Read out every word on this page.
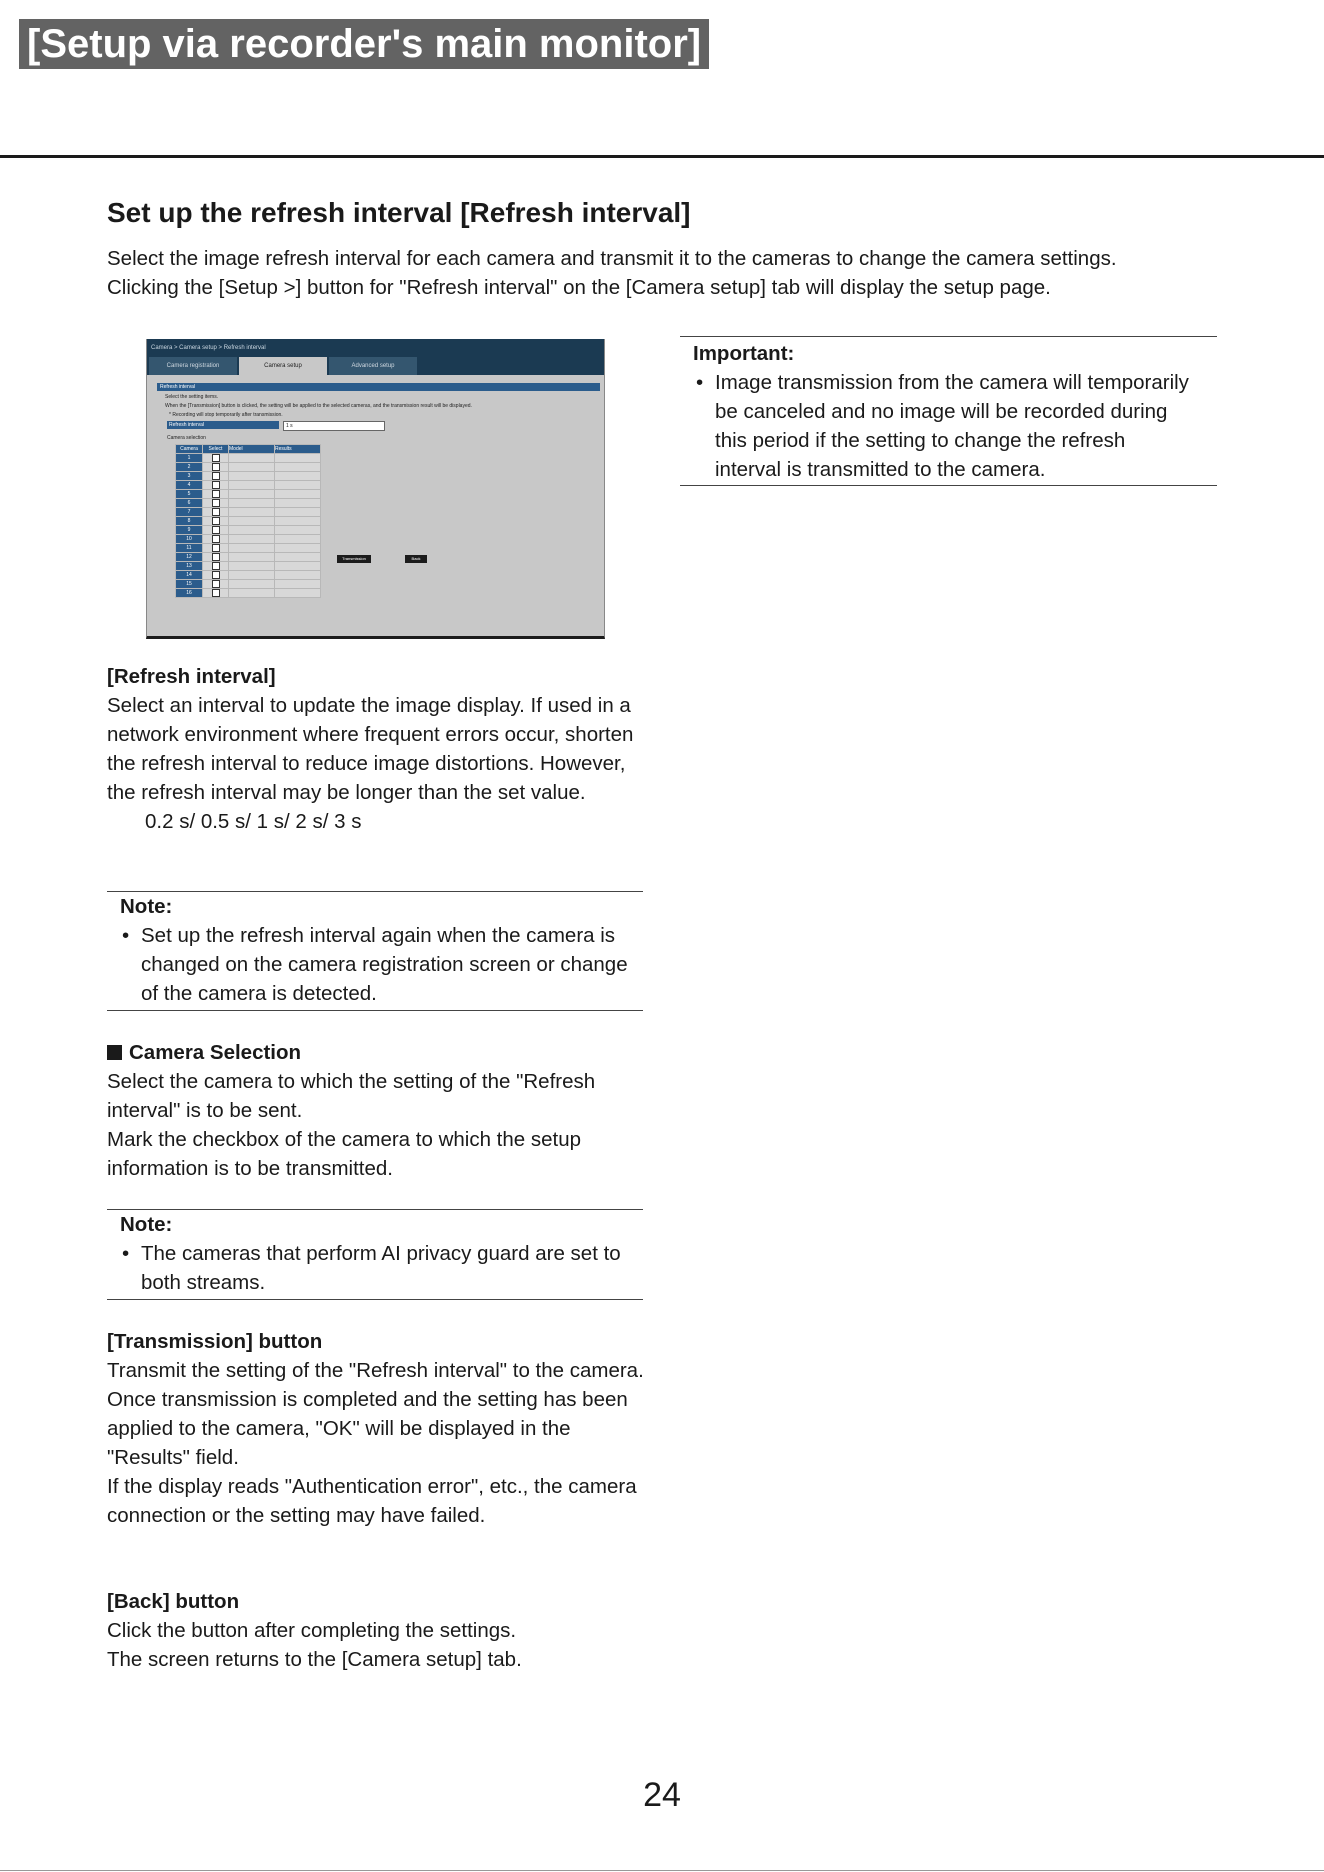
[Setup via recorder's main monitor]
Set up the refresh interval [Refresh interval]

Select the image refresh interval for each camera and transmit it to the cameras to change the camera settings.

Clicking the [Setup >] button for "Refresh interval" on the [Camera setup] tab will display the setup page.

Camera > Camera setup > Refresh interval
Camera registration	Camera setup	Advanced setup
Refresh interval
Select the setting items.
When the [Transmission] button is clicked, the setting will be applied to the selected cameras, and the transmission result will be displayed.
* Recording will stop temporarily after transmission.
Refresh interval	1 s
Camera selection
Camera	Select	Model	Results
1			
2			
3			
4			
5			
6			
7			
8			
9			
10			
11			
12			
13			
14			
15			
16			
Transmission	Back

[Refresh interval]

Select an interval to update the image display. If used in a network environment where frequent errors occur, shorten the refresh interval to reduce image distortions. However, the refresh interval may be longer than the set value.

0.2 s/ 0.5 s/ 1 s/ 2 s/ 3 s

Note:
• Set up the refresh interval again when the camera is changed on the camera registration screen or change of the camera is detected.

Camera Selection

Select the camera to which the setting of the "Refresh interval" is to be sent.

Mark the checkbox of the camera to which the setup information is to be transmitted.

Note:
• The cameras that perform AI privacy guard are set to both streams.

[Transmission] button

Transmit the setting of the "Refresh interval" to the camera.

Once transmission is completed and the setting has been applied to the camera, "OK" will be displayed in the "Results" field.

If the display reads "Authentication error", etc., the camera connection or the setting may have failed.

[Back] button

Click the button after completing the settings.

The screen returns to the [Camera setup] tab.

Important:
• Image transmission from the camera will temporarily be canceled and no image will be recorded during this period if the setting to change the refresh interval is transmitted to the camera.
24
